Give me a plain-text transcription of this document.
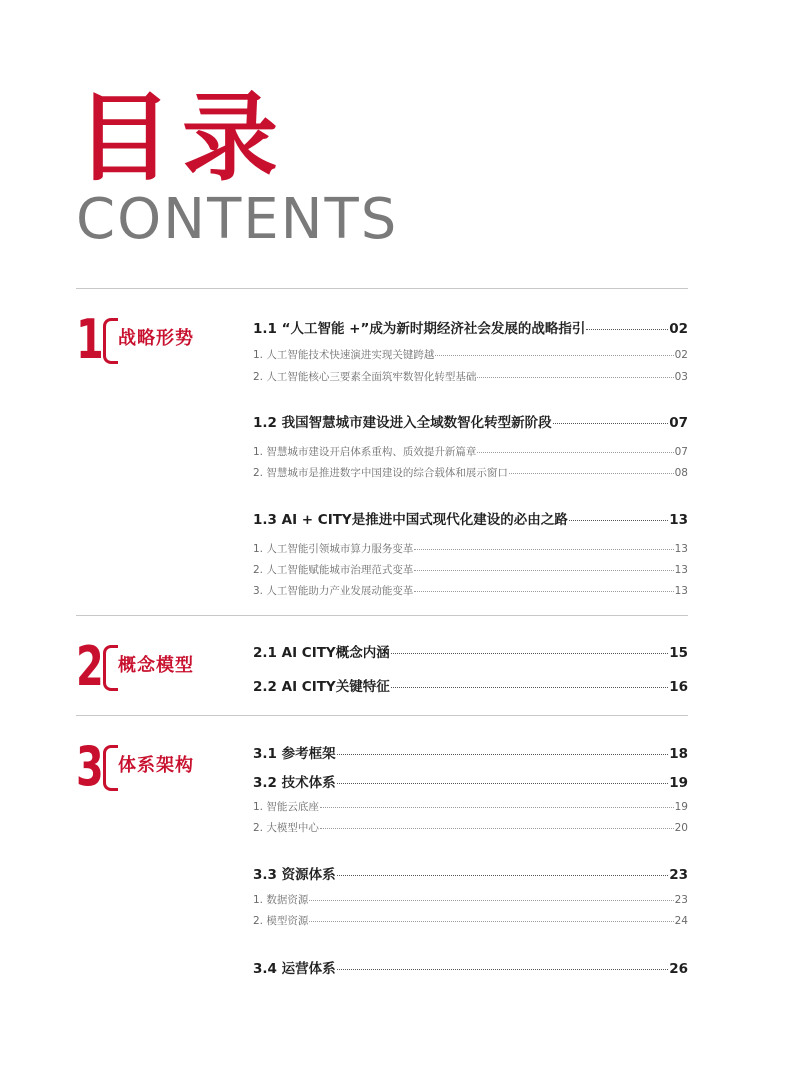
目录
CONTENTS
1 战略形势	1.1 “人工智能 +”成为新时期经济社会发展的战略指引	02
1. 人工智能技术快速演进实现关键跨越	02
2. 人工智能核心三要素全面筑牢数智化转型基础	03
1.2 我国智慧城市建设进入全域数智化转型新阶段	07
1. 智慧城市建设开启体系重构、质效提升新篇章	07
2. 智慧城市是推进数字中国建设的综合载体和展示窗口	08
1.3 AI + CITY是推进中国式现代化建设的必由之路	13
1. 人工智能引领城市算力服务变革	13
2. 人工智能赋能城市治理范式变革	13
3. 人工智能助力产业发展动能变革	13
2 概念模型
2.1 AI CITY概念内涵	15
2.2 AI CITY关键特征	16
3 体系架构
3.1 参考框架	18
3.2 技术体系	19
1. 智能云底座	19
2. 大模型中心	20
3.3 资源体系	23
1. 数据资源	23
2. 模型资源	24
3.4 运营体系	26
